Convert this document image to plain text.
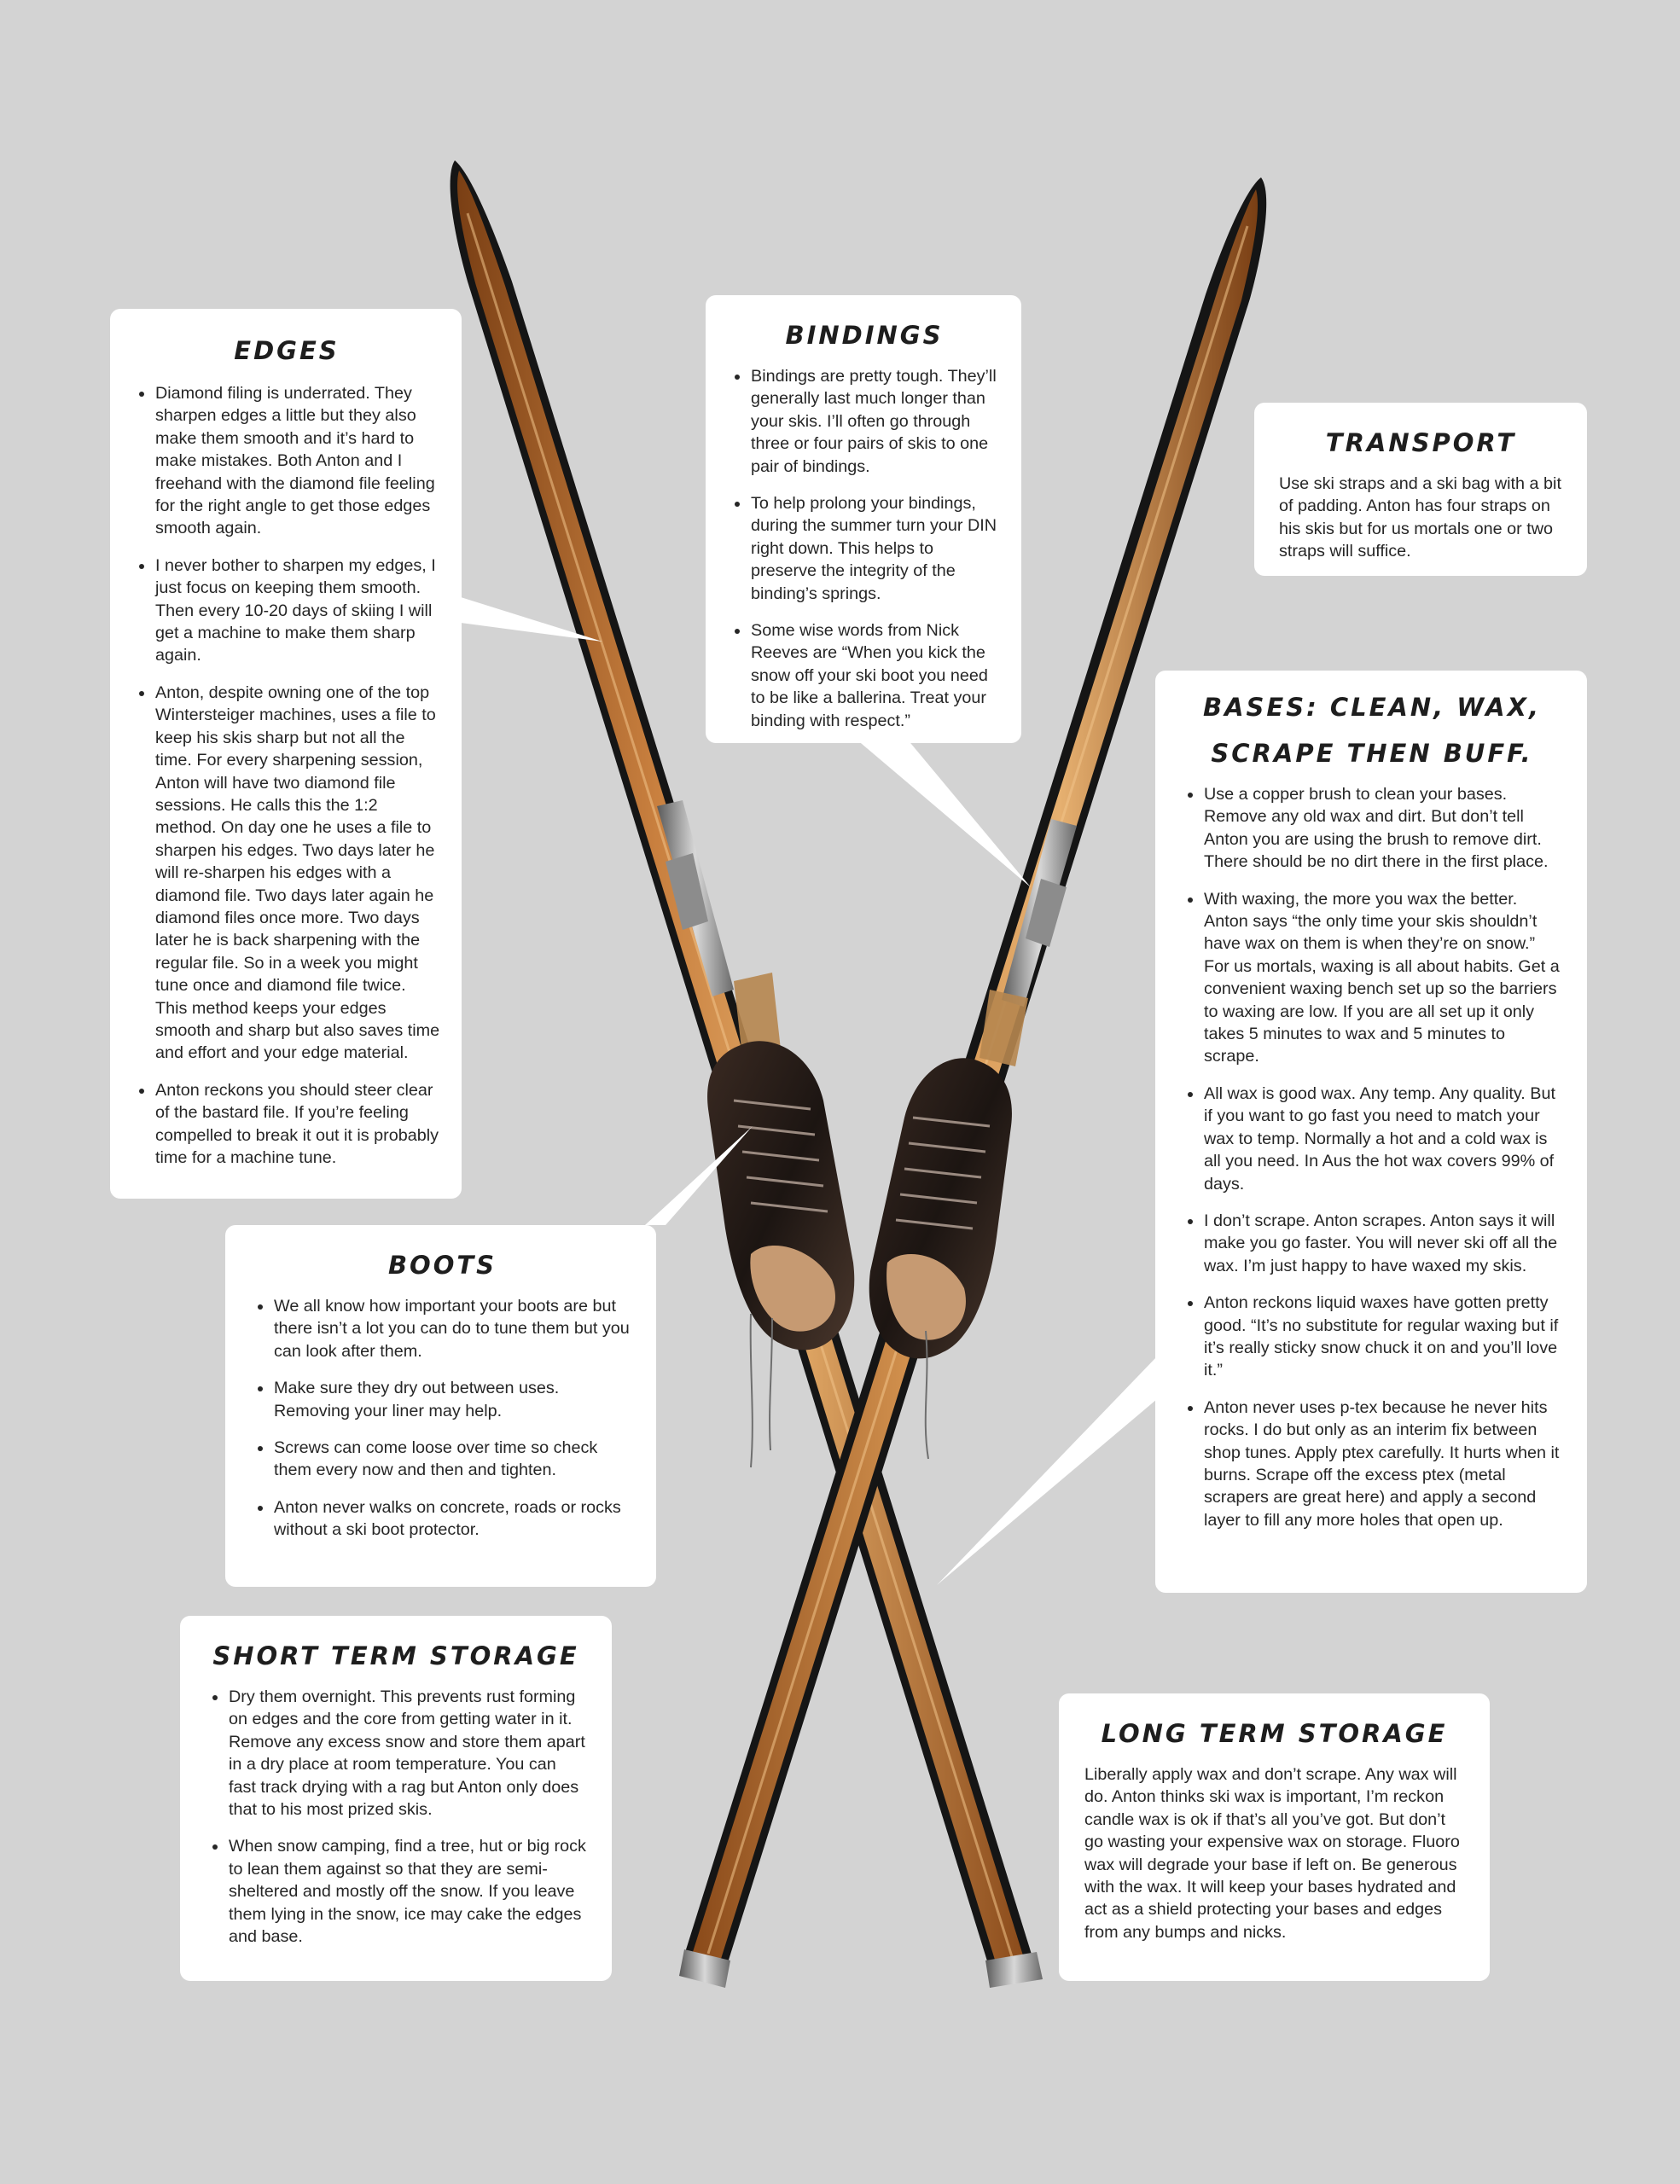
EDGES
• Diamond filing is underrated. They sharpen edges a little but they also make them smooth and it’s hard to make mistakes. Both Anton and I freehand with the diamond file feeling for the right angle to get those edges smooth again.
• I never bother to sharpen my edges, I just focus on keeping them smooth. Then every 10-20 days of skiing I will get a machine to make them sharp again.
• Anton, despite owning one of the top Wintersteiger machines, uses a file to keep his skis sharp but not all the time. For every sharpening session, Anton will have two diamond file sessions. He calls this the 1:2 method. On day one he uses a file to sharpen his edges. Two days later he will re-sharpen his edges with a diamond file. Two days later again he diamond files once more. Two days later he is back sharpening with the regular file. So in a week you might tune once and diamond file twice. This method keeps your edges smooth and sharp but also saves time and effort and your edge material.
• Anton reckons you should steer clear of the bastard file. If you’re feeling compelled to break it out it is probably time for a machine tune.
BINDINGS
• Bindings are pretty tough. They’ll generally last much longer than your skis. I’ll often go through three or four pairs of skis to one pair of bindings.
• To help prolong your bindings, during the summer turn your DIN right down. This helps to preserve the integrity of the binding’s springs.
• Some wise words from Nick Reeves are “When you kick the snow off your ski boot you need to be like a ballerina. Treat your binding with respect.”
TRANSPORT

Use ski straps and a ski bag with a bit of padding. Anton has four straps on his skis but for us mortals one or two straps will suffice.

BASES: CLEAN, WAX, SCRAPE THEN BUFF.
• Use a copper brush to clean your bases. Remove any old wax and dirt. But don’t tell Anton you are using the brush to remove dirt. There should be no dirt there in the first place.
• With waxing, the more you wax the better. Anton says “the only time your skis shouldn’t have wax on them is when they’re on snow.” For us mortals, waxing is all about habits. Get a convenient waxing bench set up so the barriers to waxing are low. If you are all set up it only takes 5 minutes to wax and 5 minutes to scrape.
• All wax is good wax. Any temp. Any quality. But if you want to go fast you need to match your wax to temp. Normally a hot and a cold wax is all you need. In Aus the hot wax covers 99% of days.
• I don’t scrape. Anton scrapes. Anton says it will make you go faster. You will never ski off all the wax. I’m just happy to have waxed my skis.
• Anton reckons liquid waxes have gotten pretty good. “It’s no substitute for regular waxing but if it’s really sticky snow chuck it on and you’ll love it.”
• Anton never uses p-tex because he never hits rocks. I do but only as an interim fix between shop tunes. Apply ptex carefully. It hurts when it burns. Scrape off the excess ptex (metal scrapers are great here) and apply a second layer to fill any more holes that open up.
BOOTS
• We all know how important your boots are but there isn’t a lot you can do to tune them but you can look after them.
• Make sure they dry out between uses. Removing your liner may help.
• Screws can come loose over time so check them every now and then and tighten.
• Anton never walks on concrete, roads or rocks without a ski boot protector.
SHORT TERM STORAGE
• Dry them overnight. This prevents rust forming on edges and the core from getting water in it. Remove any excess snow and store them apart in a dry place at room temperature. You can fast track drying with a rag but Anton only does that to his most prized skis.
• When snow camping, find a tree, hut or big rock to lean them against so that they are semi-sheltered and mostly off the snow. If you leave them lying in the snow, ice may cake the edges and base.
LONG TERM STORAGE

Liberally apply wax and don’t scrape. Any wax will do. Anton thinks ski wax is important, I’m reckon candle wax is ok if that’s all you’ve got. But don’t go wasting your expensive wax on storage. Fluoro wax will degrade your base if left on. Be generous with the wax. It will keep your bases hydrated and act as a shield protecting your bases and edges from any bumps and nicks.
